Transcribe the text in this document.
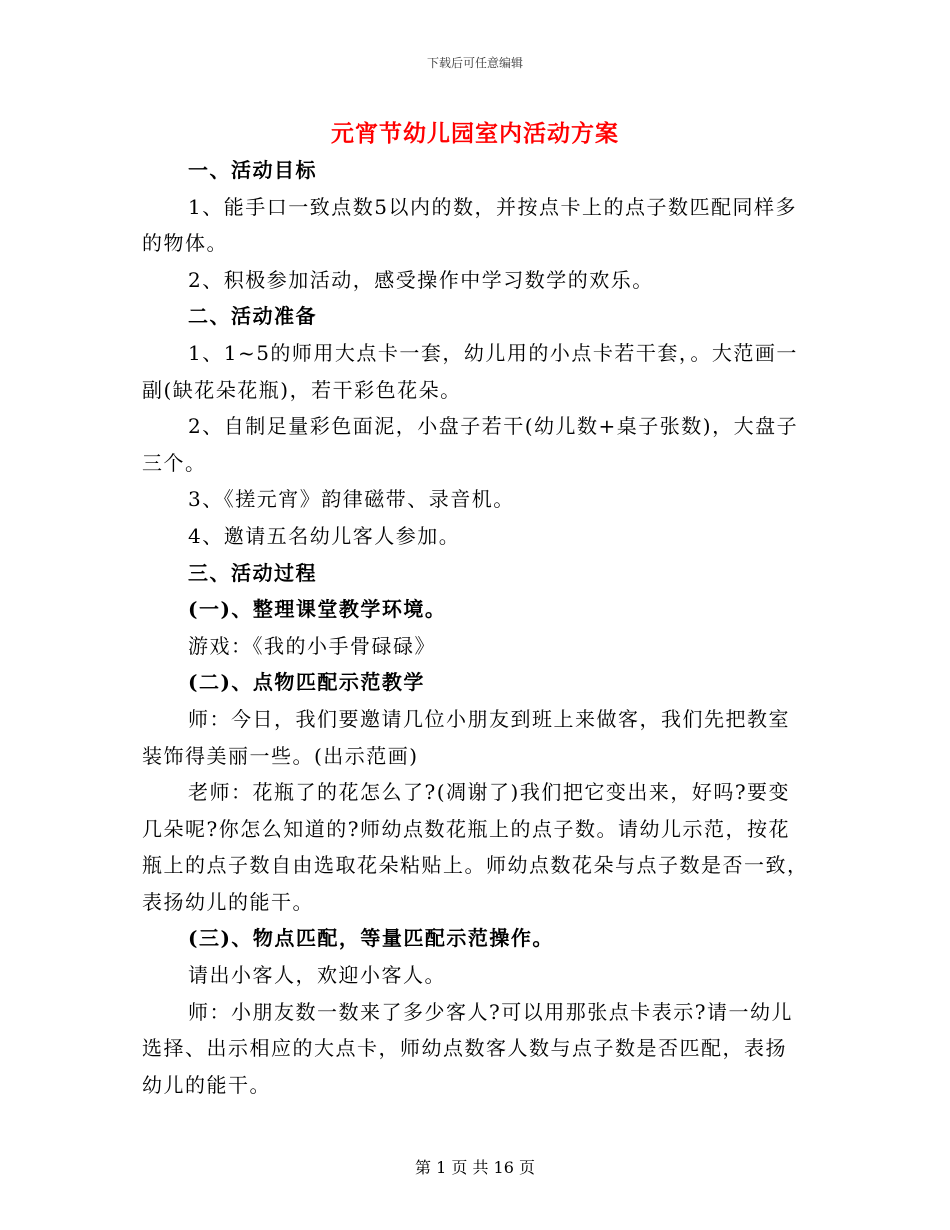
下载后可任意编辑
元宵节幼儿园室内活动方案
一、活动目标
1、能手口一致点数5以内的数，并按点卡上的点子数匹配同样多
的物体。
2、积极参加活动，感受操作中学习数学的欢乐。
二、活动准备
1、1~5的师用大点卡一套，幼儿用的小点卡若干套，。大范画一
副(缺花朵花瓶)，若干彩色花朵。
2、自制足量彩色面泥，小盘子若干(幼儿数+桌子张数)，大盘子
三个。
3、《搓元宵》韵律磁带、录音机。
4、邀请五名幼儿客人参加。
三、活动过程
(一)、整理课堂教学环境。
游戏：《我的小手骨碌碌》
(二)、点物匹配示范教学
师：今日，我们要邀请几位小朋友到班上来做客，我们先把教室
装饰得美丽一些。(出示范画)
老师：花瓶了的花怎么了?(凋谢了)我们把它变出来，好吗?要变
几朵呢?你怎么知道的?师幼点数花瓶上的点子数。请幼儿示范，按花
瓶上的点子数自由选取花朵粘贴上。师幼点数花朵与点子数是否一致，
表扬幼儿的能干。
(三)、物点匹配，等量匹配示范操作。
请出小客人，欢迎小客人。
师：小朋友数一数来了多少客人?可以用那张点卡表示?请一幼儿
选择、出示相应的大点卡，师幼点数客人数与点子数是否匹配，表扬
幼儿的能干。
第 1 页 共 16 页
